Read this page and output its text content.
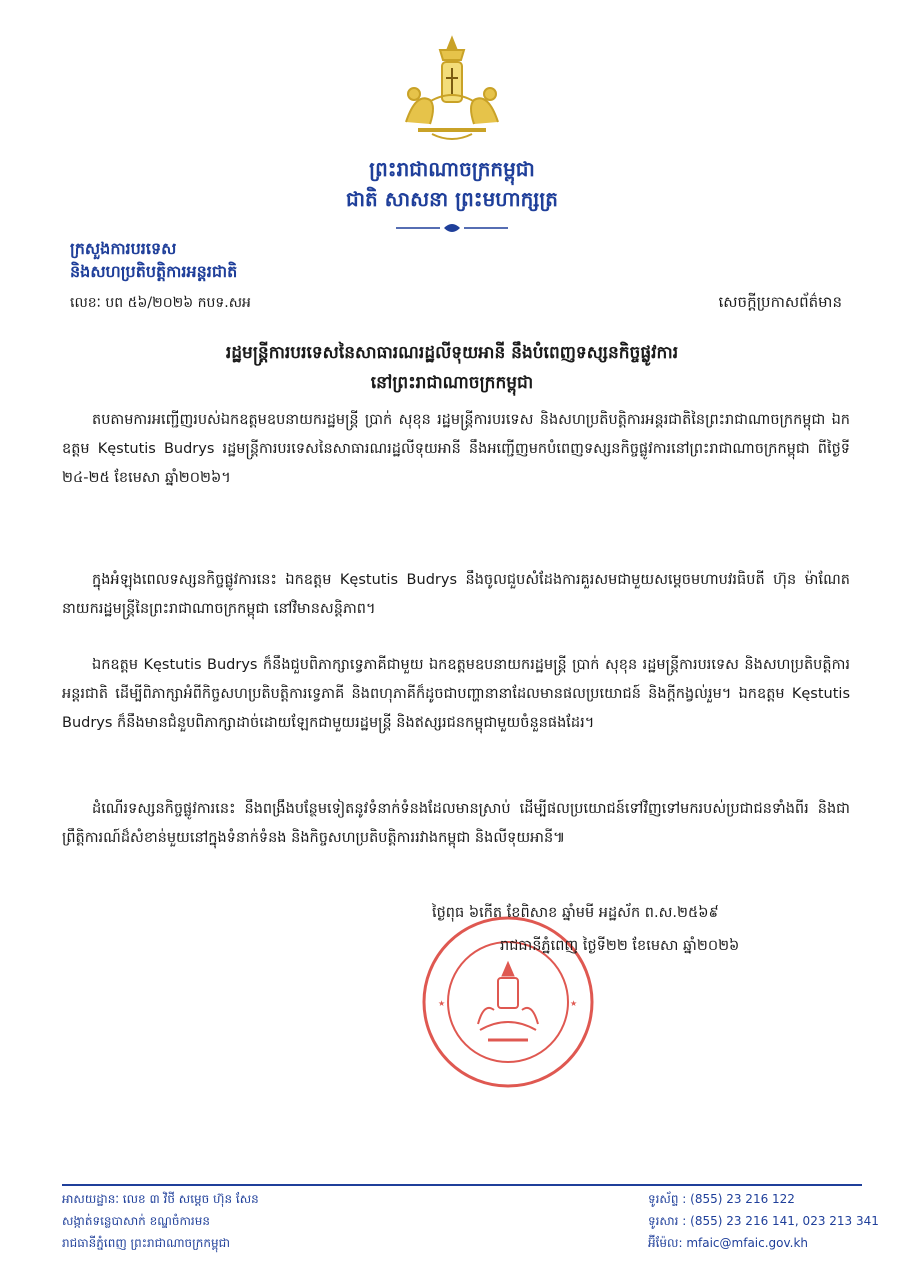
ព្រះរាជាណាចក្រកម្ពុជា
ជាតិ សាសនា ព្រះមហាក្សត្រ
ក្រសួងការបរទេស
និងសហប្រតិបត្តិការអន្តរជាតិ
លេខៈ បព ៥៦/២០២៦ កបទ.សអ	សេចក្តីប្រកាសព័ត៌មាន
រដ្ឋមន្ត្រីការបរទេសនៃសាធារណរដ្ឋលីទុយអានី នឹងបំពេញទស្សនកិច្ចផ្លូវការ
នៅព្រះរាជាណាចក្រកម្ពុជា
តបតាមការអញ្ជើញរបស់ឯកឧត្តមឧបនាយករដ្ឋមន្ត្រី ប្រាក់ សុខុន រដ្ឋមន្ត្រីការបរទេស និងសហប្រតិបត្តិការអន្តរជាតិនៃព្រះរាជាណាចក្រកម្ពុជា ឯកឧត្តម Kęstutis Budrys រដ្ឋមន្ត្រីការបរទេសនៃសាធារណរដ្ឋលីទុយអានី នឹងអញ្ជើញមកបំពេញទស្សនកិច្ចផ្លូវការនៅព្រះរាជាណាចក្រកម្ពុជា ពីថ្ងៃទី ២៤-២៥ ខែមេសា ឆ្នាំ២០២៦។
ក្នុងអំឡុងពេលទស្សនកិច្ចផ្លូវការនេះ ឯកឧត្តម Kęstutis Budrys នឹងចូលជួបសំដែងការគួរសមជាមួយសម្តេចមហាបវរធិបតី ហ៊ុន ម៉ាណែត នាយករដ្ឋមន្ត្រីនៃព្រះរាជាណាចក្រកម្ពុជា នៅវិមានសន្តិភាព។
ឯកឧត្តម Kęstutis Budrys ក៏នឹងជួបពិភាក្សាទ្វេភាគីជាមួយ ឯកឧត្តមឧបនាយករដ្ឋមន្ត្រី ប្រាក់ សុខុន រដ្ឋមន្ត្រីការបរទេស និងសហប្រតិបត្តិការអន្តរជាតិ ដើម្បីពិភាក្សាអំពីកិច្ចសហប្រតិបត្តិការទ្វេភាគី និងពហុភាគីក៏ដូចជាបញ្ហានានាដែលមានផលប្រយោជន៍ និងក្តីកង្វល់រួម។ ឯកឧត្តម Kęstutis Budrys ក៏នឹងមានជំនួបពិភាក្សាដាច់ដោយឡែកជាមួយរដ្ឋមន្ត្រី និងឥស្សរជនកម្ពុជាមួយចំនួនផងដែរ។
ដំណើរទស្សនកិច្ចផ្លូវការនេះ នឹងពង្រឹងបន្ថែមទៀតនូវទំនាក់ទំនងដែលមានស្រាប់ ដើម្បីផលប្រយោជន៍ទៅវិញទៅមករបស់ប្រជាជនទាំងពីរ និងជាព្រឹត្តិការណ៍ដ៏សំខាន់មួយនៅក្នុងទំនាក់ទំនង និងកិច្ចសហប្រតិបត្តិការរវាងកម្ពុជា និងលីទុយអានី៕
★	★
ថ្ងៃពុធ ៦កើត ខែពិសាខ ឆ្នាំមមី អដ្ឋស័ក ព.ស.២៥៦៩
រាជធានីភ្នំពេញ ថ្ងៃទី២២ ខែមេសា ឆ្នាំ២០២៦
អាសយដ្ឋានៈ លេខ ៣ វិថី សម្តេច ហ៊ុន សែន
សង្កាត់ទន្លេបាសាក់ ខណ្ឌចំការមន
រាជធានីភ្នំពេញ ព្រះរាជាណាចក្រកម្ពុជា
ទូរស័ព្ទ : (855) 23 216 122
ទូរសារ : (855) 23 216 141, 023 213 341
អ៊ីម៉ែល: mfaic@mfaic.gov.kh
